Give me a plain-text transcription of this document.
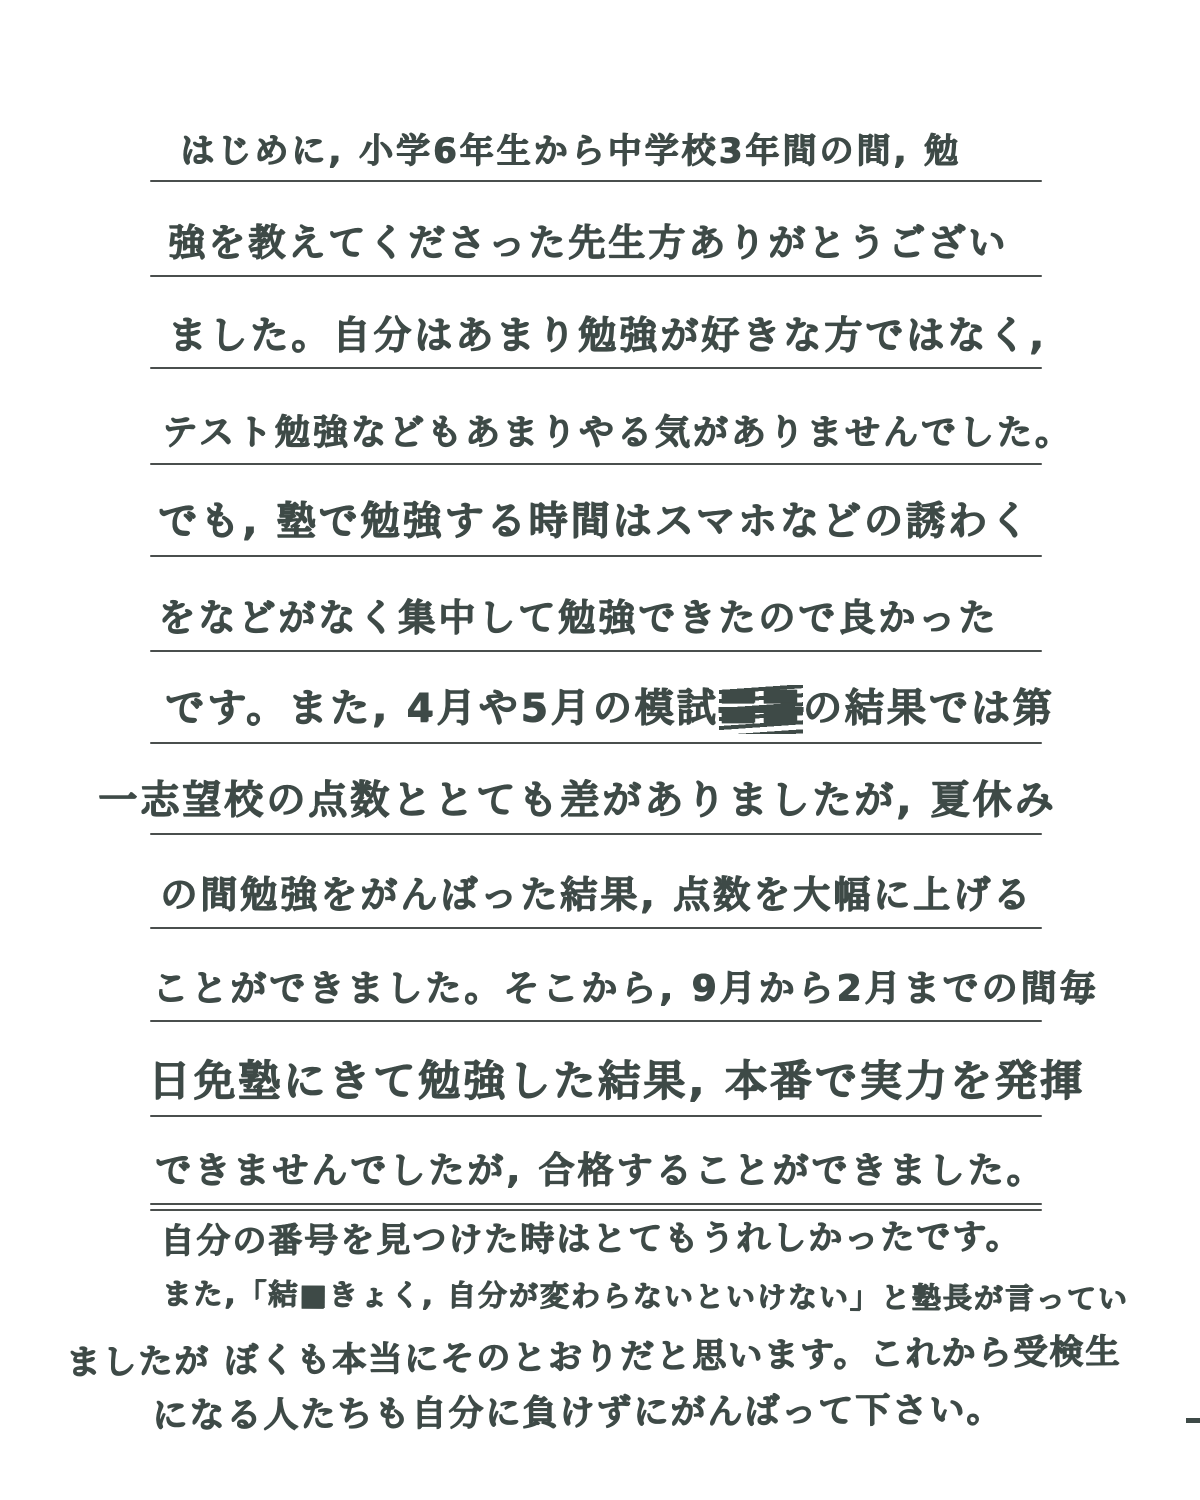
はじめに, 小学6年生から中学校3年間の間, 勉
強を教えてくださった先生方ありがとうござい
ました。自分はあまり勉強が好きな方ではなく,
テスト勉強などもあまりやる気がありませんでした。
でも, 塾で勉強する時間はスマホなどの誘わく
をなどがなく集中して勉強できたので良かった
です。また, 4月や5月の模試〓〓の結果では第
一志望校の点数ととても差がありましたが, 夏休み
の間勉強をがんばった結果, 点数を大幅に上げる
ことができました。そこから, 9月から2月までの間毎
日免塾にきて勉強した結果, 本番で実力を発揮
できませんでしたが, 合格することができました。
自分の番号を見つけた時はとてもうれしかったです。
また,「結■きょく, 自分が変わらないといけない」と塾長が言ってい
ましたが ぼくも本当にそのとおりだと思います。これから受検生
になる人たちも自分に負けずにがんばって下さい。
